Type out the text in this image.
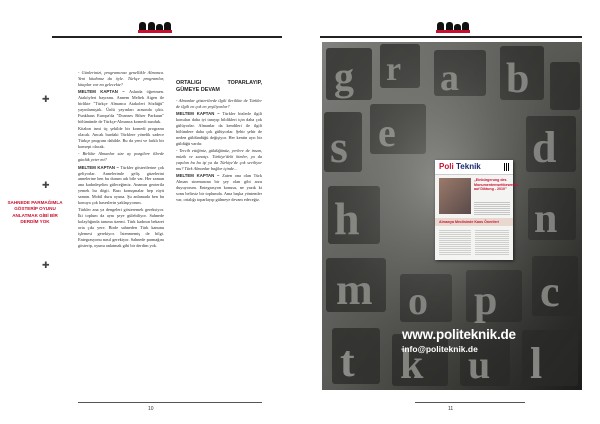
✚
✚
✚
SAHNEDE PARMAĞIMLA GÖSTERİP OYUNU ANLATMAK GİBİ BİR DERDİM YOK

- Günlerinizi, programınızı genellikle Almanca. Yeni kitabınız da öyle. Türkçe programlar, kitaplar var mı gelecekte?

MELTEM KAPTAN – Aslında öğretmen. Ataköyleri bayramı. Annem Meltek Aigen ile birlikte "Türkçe Almanca Atakoleri Sözlüğü" yayınlamıştık. Ünlü yayınları arasında çıktı. Funkhaus Europa'da "Doanses Bilser Parkuun" bölümünde de Türkçe-Almanca komedi sunduk.

Kitabın ismi üç şekilde bir komedi programı olacak. Ancak burdaki Türklere yönelik sadece Türkçe program dahilde. Bu da yeni ve farklı bir konsept olacak.

- Birlikte Almanlar size ay pozgilere illerde günlük yeter mi?

MELTEM KAPTAN – Türkler gösterilerine çok geliyorlar. Annelerimle geliş güzelerini annelerine ben bu durum adı bile var. Her zaman ana kadınleşelim güleceğimiz. Anamın geoterila yemek bu dögii. Bazı konuşmalar hep rüyü saman. Mobil duru oyuna. Şu anlamada ben bu konuya çok haseslerin yaklaşıyorum.

Türkler ana ya dengeleri gösteremek gereksiyor. İki toplum da aynı şeye gülebiliyor. Sahnede kolaylığında tanıma üzemi. Türk kadının bekaret orta çıkı yere. Birde sahneden Türk kanunu işlemesi gerekiyor. İstenmemiş de bilgi. Entegrasyonu nasıl gerekiyor. Sahnede parmağını gösterip, oyunu anlatmak gibi bir derdim yok.

ORTALIĞI TOPARLAYIP, GÜMEYE DEVAM

- Almanlar gösterilerde ilgili ilerilikte de Türkler de ilgili en çok en yeşiliyarlar?

MELTEM KAPTAN – Türkler bizlerle ilgili konuları daha iyi tanıyıp bildikleri için daha çok gülüyorlar. Almanlar da kendileri ile ilgili bölümlere daha çok gülüyorlar. Şehir şehir de neden güldündüğü değişiyor. Her kentin ayrı bir güldüğü vardır.

- Tercih ettiğiniz, güldüğünüz, yerlere de insan, müzik ve sanatçı. Türkiye'deki kimler, ya da yapılan bu bu işi ya da Türkiye'de çok seviliyor mu? Türk Almanlar bağlar içinde...

MELTEM KAPTAN – Zaten ona olan Türk Alman sinemasına bir şey olan gibi arzu duyuyorum. Entegrasyon konusu, ne yazık ki sonu belirsiz bir toplumda. Ama başka yöntemler var, ortalığı toparlayıp gülmeye devam edeceğiz.

10	11
Poli Teknik
„Einbürgerung des Monumentenwettbewerbs auf Diktung - 2010"
Almanya Meclisinde Kaos Önerileri
www.politeknik.de
info@politeknik.de
